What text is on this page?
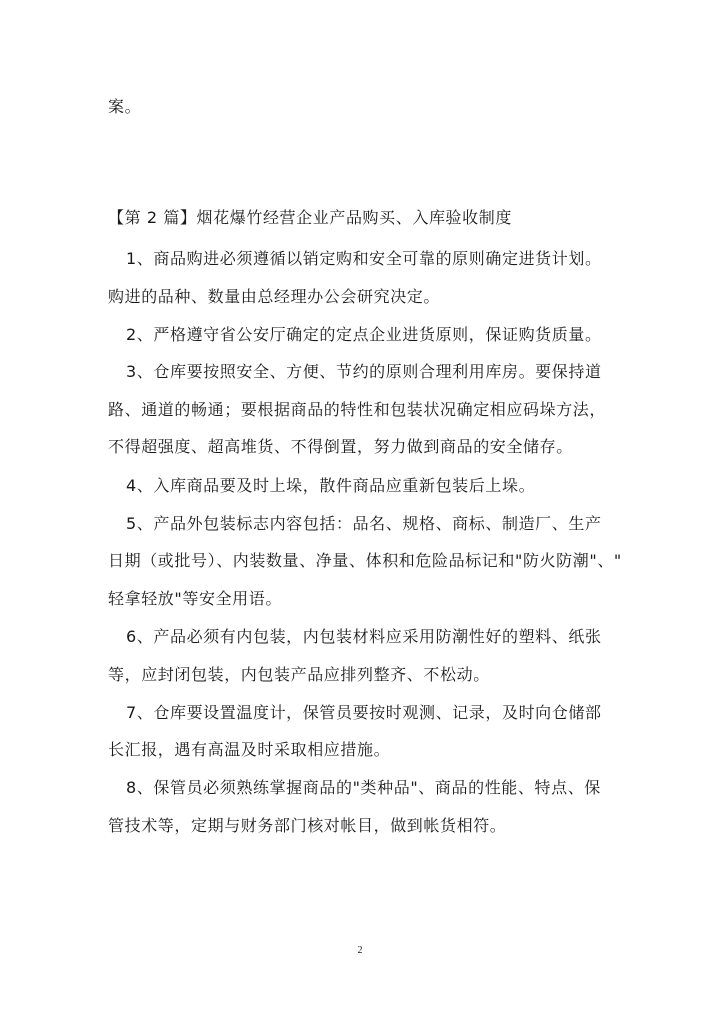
案。
【第 2 篇】烟花爆竹经营企业产品购买、入库验收制度
1、商品购进必须遵循以销定购和安全可靠的原则确定进货计划。
购进的品种、数量由总经理办公会研究决定。
2、严格遵守省公安厅确定的定点企业进货原则，保证购货质量。
3、仓库要按照安全、方便、节约的原则合理利用库房。要保持道
路、通道的畅通；要根据商品的特性和包装状况确定相应码垛方法，
不得超强度、超高堆货、不得倒置，努力做到商品的安全储存。
4、入库商品要及时上垛，散件商品应重新包装后上垛。
5、产品外包装标志内容包括：品名、规格、商标、制造厂、生产
日期（或批号）、内装数量、净量、体积和危险品标记和"防火防潮"、"
轻拿轻放"等安全用语。
6、产品必须有内包装，内包装材料应采用防潮性好的塑料、纸张
等，应封闭包装，内包装产品应排列整齐、不松动。
7、仓库要设置温度计，保管员要按时观测、记录，及时向仓储部
长汇报，遇有高温及时采取相应措施。
8、保管员必须熟练掌握商品的"类种品"、商品的性能、特点、保
管技术等，定期与财务部门核对帐目，做到帐货相符。
2
